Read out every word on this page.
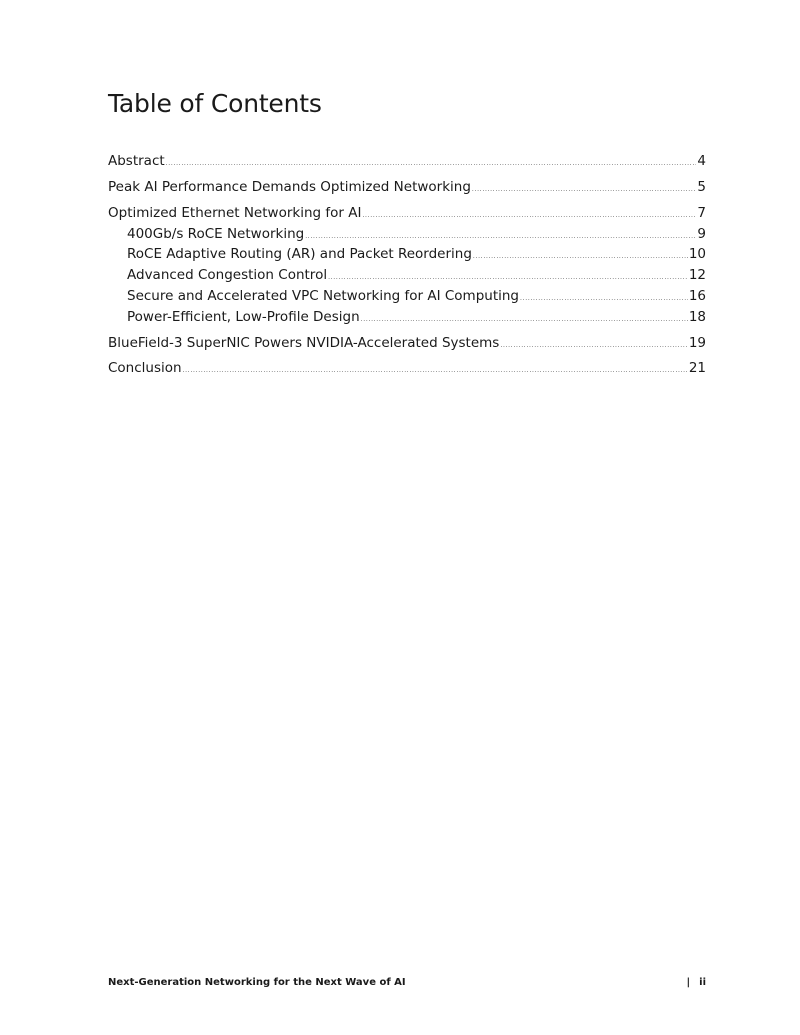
Table of Contents
Abstract .....	4
Peak AI Performance Demands Optimized Networking .....	5
Optimized Ethernet Networking for AI .....	7
400Gb/s RoCE Networking .....	9
RoCE Adaptive Routing (AR) and Packet Reordering .....	10
Advanced Congestion Control .....	12
Secure and Accelerated VPC Networking for AI Computing .....	16
Power-Efficient, Low-Profile Design .....	18
BlueField-3 SuperNIC Powers NVIDIA-Accelerated Systems .....	19
Conclusion .....	21
Next-Generation Networking for the Next Wave of AI	| ii
